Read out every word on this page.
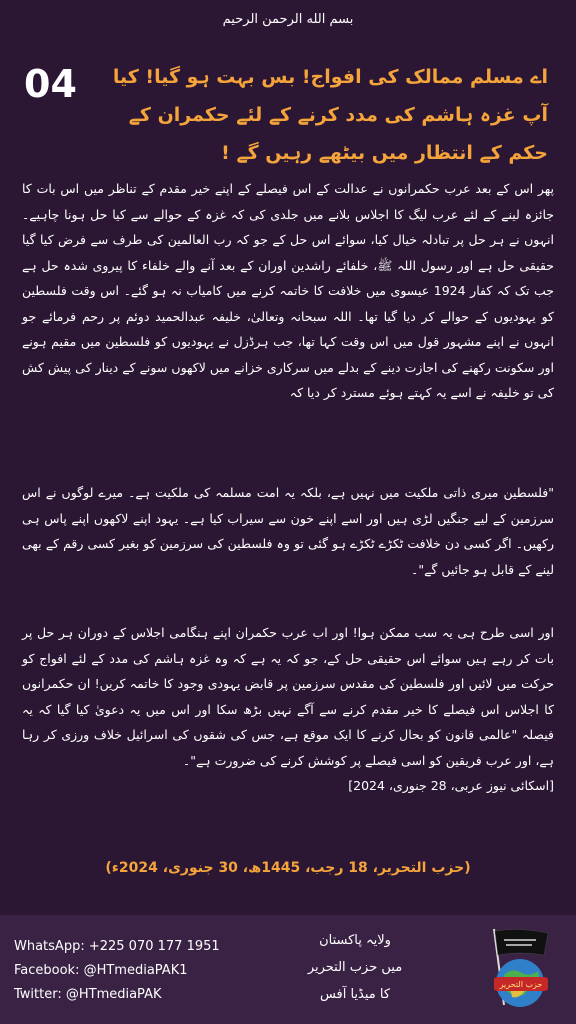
بسم الله الرحمن الرحیم
04	اے مسلم ممالک کی افواج! بس بہت ہو گیا! کیا آپ غزہ ہاشم کی مدد کرنے کے لئے حکمران کے حکم کے انتظار میں بیٹھے رہیں گے !
پھر اس کے بعد عرب حکمرانوں نے عدالت کے اس فیصلے کے اپنے خیر مقدم کے تناظر میں اس بات کا جائزہ لینے کے لئے عرب لیگ کا اجلاس بلانے میں جلدی کی کہ غزہ کے حوالے سے کیا حل ہونا چاہیے۔ انہوں نے ہر حل پر تبادلہ خیال کیا، سوائے اس حل کے جو کہ رب العالمین کی طرف سے فرض کیا گیا حقیقی حل ہے اور رسول اللہ ﷺ، خلفائے راشدین اوران کے بعد آنے والے خلفاء کا پیروی شدہ حل ہے جب تک کہ کفار 1924 عیسوی میں خلافت کا خاتمہ کرنے میں کامیاب نہ ہو گئے۔ اس وقت فلسطین کو یہودیوں کے حوالے کر دیا گیا تھا۔ اللہ سبحانہ وتعالیٰ، خلیفہ عبدالحمید دوئم پر رحم فرمائے جو انہوں نے اپنے مشہور قول میں اس وقت کہا تھا، جب ہرڈزل نے یہودیوں کو فلسطین میں مقیم ہونے اور سکونت رکھنے کی اجازت دینے کے بدلے میں سرکاری خزانے میں لاکھوں سونے کے دینار کی پیش کش کی تو خلیفہ نے اسے یہ کہتے ہوئے مسترد کر دیا کہ
"فلسطین میری ذاتی ملکیت میں نہیں ہے، بلکہ یہ امت مسلمہ کی ملکیت ہے۔ میرے لوگوں نے اس سرزمین کے لیے جنگیں لڑی ہیں اور اسے اپنے خون سے سیراب کیا ہے۔ یہود اپنے لاکھوں اپنے پاس ہی رکھیں۔ اگر کسی دن خلافت ٹکڑے ٹکڑے ہو گئی تو وہ فلسطین کی سرزمین کو بغیر کسی رقم کے بھی لینے کے قابل ہو جائیں گے"۔
اور اسی طرح ہی یہ سب ممکن ہوا! اور اب عرب حکمران اپنے ہنگامی اجلاس کے دوران ہر حل پر بات کر رہے ہیں سوائے اس حقیقی حل کے، جو کہ یہ ہے کہ وہ غزہ ہاشم کی مدد کے لئے افواج کو حرکت میں لائیں اور فلسطین کی مقدس سرزمین پر قابض یہودی وجود کا خاتمہ کریں! ان حکمرانوں کا اجلاس اس فیصلے کا خیر مقدم کرنے سے آگے نہیں بڑھ سکا اور اس میں یہ دعویٰ کیا گیا کہ یہ فیصلہ "عالمی قانون کو بحال کرنے کا ایک موقع ہے، جس کی شقوں کی اسرائیل خلاف ورزی کر رہا ہے، اور عرب فریقین کو اسی فیصلے پر کوشش کرنے کی ضرورت ہے"۔
[اسکائی نیوز عربی، 28 جنوری، 2024]
(حزب التحریر، 18 رجب، 1445ھ، 30 جنوری، 2024ء)
WhatsApp: +225 070 177 1951
Facebook: @HTmediaPAK1
Twitter: @HTmediaPAK
ولایہ پاکستان
میں حزب التحریر
کا میڈیا آفس
حزب التحریر
